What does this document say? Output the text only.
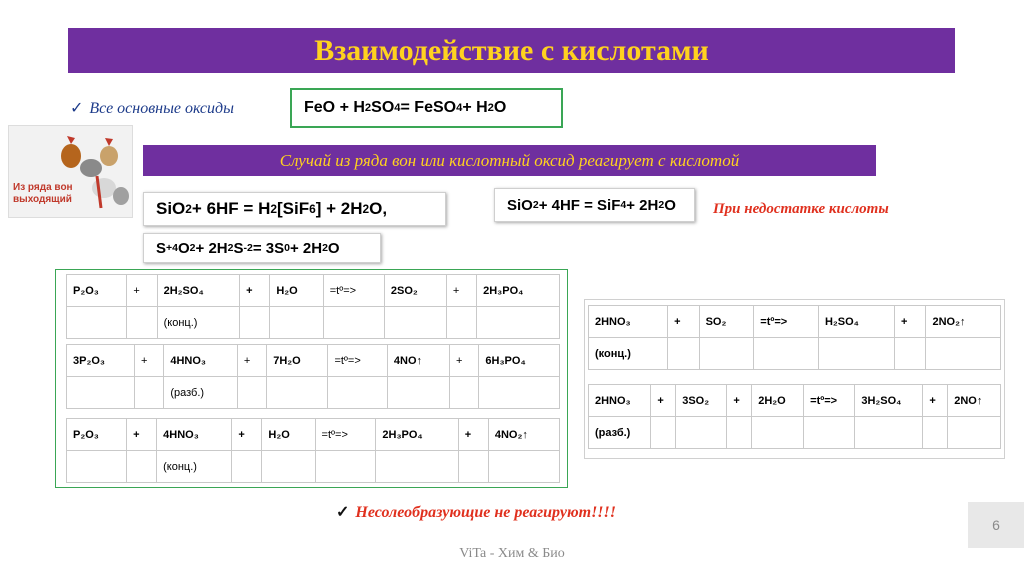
Взаимодействие с кислотами
✓ Все основные оксиды	FeO + H 2 SO 4 = FeSO 4 + H 2 O
Из ряда вон
выходящий
Случай из ряда вон или кислотный оксид реагирует с кислотой
SiO 2 + 6HF = H 2 [SiF 6 ] + 2H 2 O,	SiO 2 + 4HF = SiF 4 + 2H 2 O При недостатке кислоты
S +4 O 2 + 2H 2 S -2 = 3S 0 + 2H 2 O
P₂O₃	+	2H₂SO₄	+	H₂O	=tº=>	2SO₂	+	2H₃PO₄
		(конц.)						
3P₂O₃	+	4HNO₃	+	7H₂O	=tº=>	4NO↑	+	6H₃PO₄
		(разб.)						
P₂O₃	+	4HNO₃	+	H₂O	=tº=>	2H₃PO₄	+	4NO₂↑
		(конц.)						
2HNO₃	+	SO₂	=tº=>	H₂SO₄	+	2NO₂↑
(конц.)						
2HNO₃	+	3SO₂	+	2H₂O	=tº=>	3H₂SO₄	+	2NO↑
(разб.)								
✓ Несолеобразующие не реагируют!!!!
6
ViTa - Хим & Био
